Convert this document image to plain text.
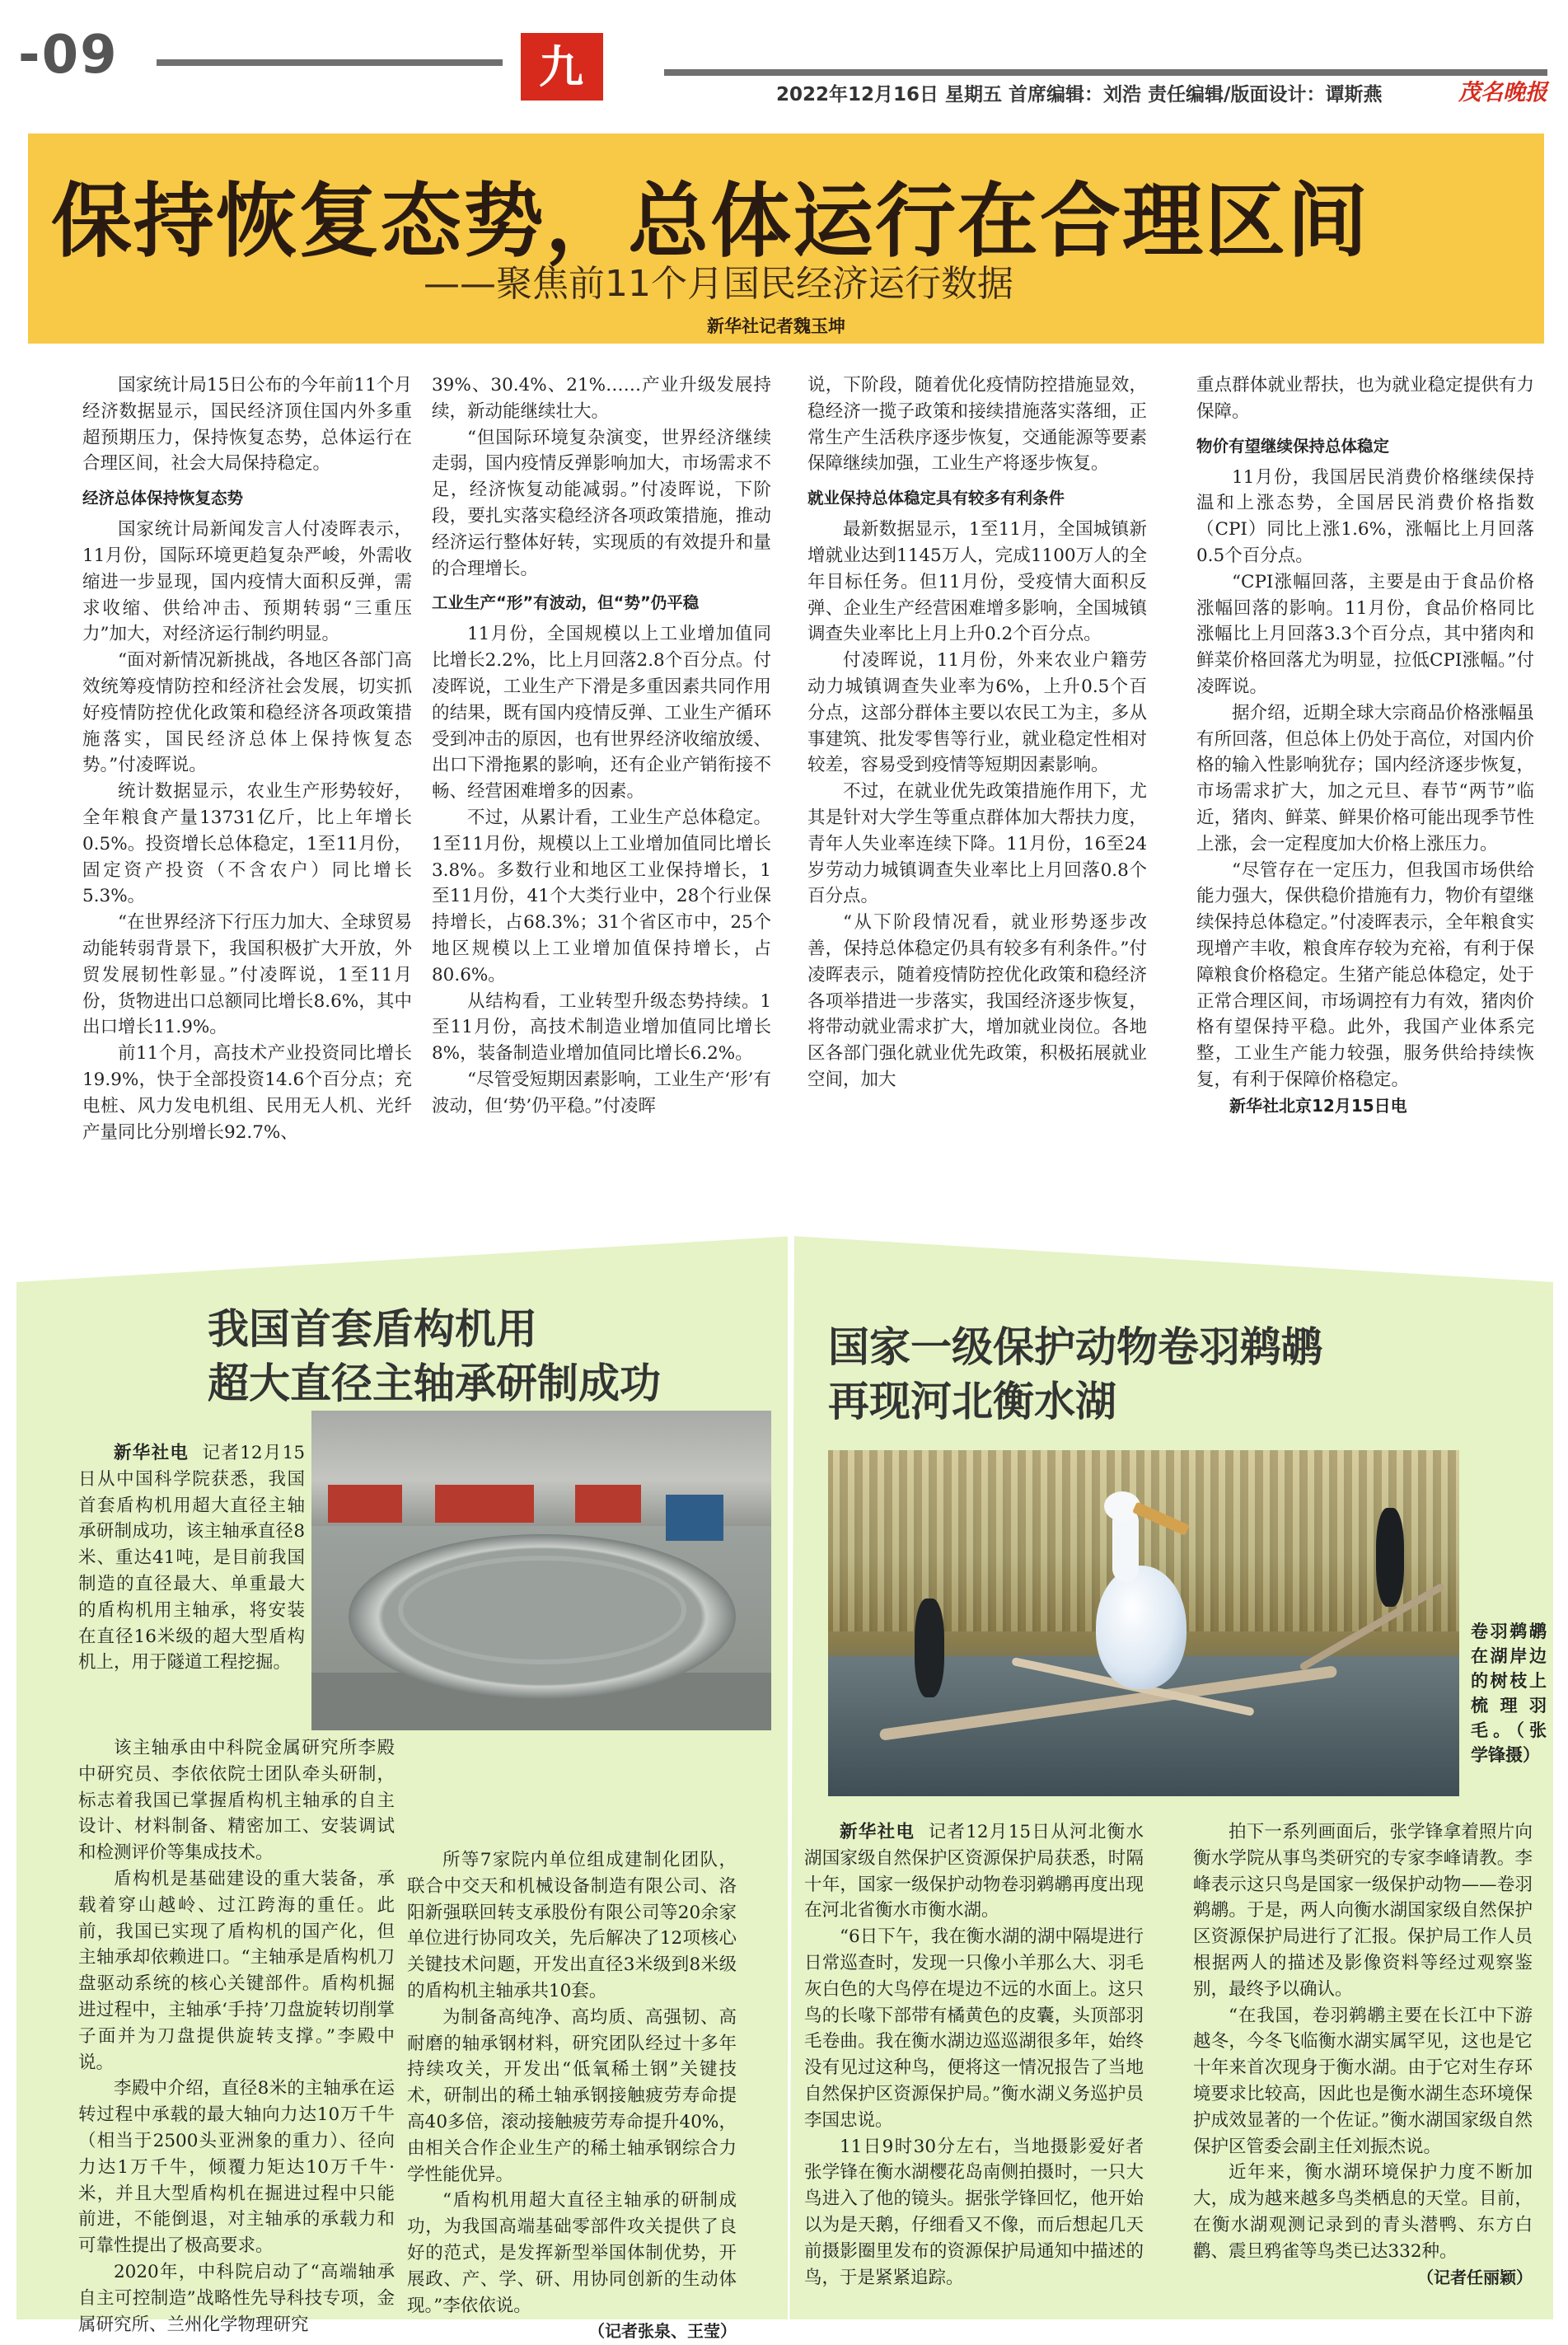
-09	九
2022年12月16日 星期五 首席编辑：刘浩 责任编辑/版面设计：谭斯燕	茂名晚报
保持恢复态势，总体运行在合理区间
——聚焦前11个月国民经济运行数据
新华社记者魏玉坤

国家统计局15日公布的今年前11个月经济数据显示，国民经济顶住国内外多重超预期压力，保持恢复态势，总体运行在合理区间，社会大局保持稳定。

经济总体保持恢复态势

国家统计局新闻发言人付凌晖表示，11月份，国际环境更趋复杂严峻，外需收缩进一步显现，国内疫情大面积反弹，需求收缩、供给冲击、预期转弱“三重压力”加大，对经济运行制约明显。

“面对新情况新挑战，各地区各部门高效统筹疫情防控和经济社会发展，切实抓好疫情防控优化政策和稳经济各项政策措施落实，国民经济总体上保持恢复态势。”付凌晖说。

统计数据显示，农业生产形势较好，全年粮食产量13731亿斤，比上年增长0.5%。投资增长总体稳定，1至11月份，固定资产投资（不含农户）同比增长5.3%。

“在世界经济下行压力加大、全球贸易动能转弱背景下，我国积极扩大开放，外贸发展韧性彰显。”付凌晖说，1至11月份，货物进出口总额同比增长8.6%，其中出口增长11.9%。

前11个月，高技术产业投资同比增长19.9%，快于全部投资14.6个百分点；充电桩、风力发电机组、民用无人机、光纤产量同比分别增长92.7%、

39%、30.4%、21%……产业升级发展持续，新动能继续壮大。

“但国际环境复杂演变，世界经济继续走弱，国内疫情反弹影响加大，市场需求不足，经济恢复动能减弱。”付凌晖说，下阶段，要扎实落实稳经济各项政策措施，推动经济运行整体好转，实现质的有效提升和量的合理增长。

工业生产“形”有波动，但“势”仍平稳

11月份，全国规模以上工业增加值同比增长2.2%，比上月回落2.8个百分点。付凌晖说，工业生产下滑是多重因素共同作用的结果，既有国内疫情反弹、工业生产循环受到冲击的原因，也有世界经济收缩放缓、出口下滑拖累的影响，还有企业产销衔接不畅、经营困难增多的因素。

不过，从累计看，工业生产总体稳定。1至11月份，规模以上工业增加值同比增长3.8%。多数行业和地区工业保持增长，1至11月份，41个大类行业中，28个行业保持增长，占68.3%；31个省区市中，25个地区规模以上工业增加值保持增长，占80.6%。

从结构看，工业转型升级态势持续。1至11月份，高技术制造业增加值同比增长8%，装备制造业增加值同比增长6.2%。

“尽管受短期因素影响，工业生产‘形’有波动，但‘势’仍平稳。”付凌晖

说，下阶段，随着优化疫情防控措施显效，稳经济一揽子政策和接续措施落实落细，正常生产生活秩序逐步恢复，交通能源等要素保障继续加强，工业生产将逐步恢复。

就业保持总体稳定具有较多有利条件

最新数据显示，1至11月，全国城镇新增就业达到1145万人，完成1100万人的全年目标任务。但11月份，受疫情大面积反弹、企业生产经营困难增多影响，全国城镇调查失业率比上月上升0.2个百分点。

付凌晖说，11月份，外来农业户籍劳动力城镇调查失业率为6%，上升0.5个百分点，这部分群体主要以农民工为主，多从事建筑、批发零售等行业，就业稳定性相对较差，容易受到疫情等短期因素影响。

不过，在就业优先政策措施作用下，尤其是针对大学生等重点群体加大帮扶力度，青年人失业率连续下降。11月份，16至24岁劳动力城镇调查失业率比上月回落0.8个百分点。

“从下阶段情况看，就业形势逐步改善，保持总体稳定仍具有较多有利条件。”付凌晖表示，随着疫情防控优化政策和稳经济各项举措进一步落实，我国经济逐步恢复，将带动就业需求扩大，增加就业岗位。各地区各部门强化就业优先政策，积极拓展就业空间，加大

重点群体就业帮扶，也为就业稳定提供有力保障。

物价有望继续保持总体稳定

11月份，我国居民消费价格继续保持温和上涨态势，全国居民消费价格指数（CPI）同比上涨1.6%，涨幅比上月回落0.5个百分点。

“CPI涨幅回落，主要是由于食品价格涨幅回落的影响。11月份，食品价格同比涨幅比上月回落3.3个百分点，其中猪肉和鲜菜价格回落尤为明显，拉低CPI涨幅。”付凌晖说。

据介绍，近期全球大宗商品价格涨幅虽有所回落，但总体上仍处于高位，对国内价格的输入性影响犹存；国内经济逐步恢复，市场需求扩大，加之元旦、春节“两节”临近，猪肉、鲜菜、鲜果价格可能出现季节性上涨，会一定程度加大价格上涨压力。

“尽管存在一定压力，但我国市场供给能力强大，保供稳价措施有力，物价有望继续保持总体稳定。”付凌晖表示，全年粮食实现增产丰收，粮食库存较为充裕，有利于保障粮食价格稳定。生猪产能总体稳定，处于正常合理区间，市场调控有力有效，猪肉价格有望保持平稳。此外，我国产业体系完整，工业生产能力较强，服务供给持续恢复，有利于保障价格稳定。

新华社北京12月15日电

我国首套盾构机用
超大直径主轴承研制成功

新华社电 记者12月15日从中国科学院获悉，我国首套盾构机用超大直径主轴承研制成功，该主轴承直径8米、重达41吨，是目前我国制造的直径最大、单重最大的盾构机用主轴承，将安装在直径16米级的超大型盾构机上，用于隧道工程挖掘。

该主轴承由中科院金属研究所李殿中研究员、李依依院士团队牵头研制，标志着我国已掌握盾构机主轴承的自主设计、材料制备、精密加工、安装调试和检测评价等集成技术。

盾构机是基础建设的重大装备，承载着穿山越岭、过江跨海的重任。此前，我国已实现了盾构机的国产化，但主轴承却依赖进口。“主轴承是盾构机刀盘驱动系统的核心关键部件。盾构机掘进过程中，主轴承‘手持’刀盘旋转切削掌子面并为刀盘提供旋转支撑。”李殿中说。

李殿中介绍，直径8米的主轴承在运转过程中承载的最大轴向力达10万千牛（相当于2500头亚洲象的重力）、径向力达1万千牛，倾覆力矩达10万千牛·米，并且大型盾构机在掘进过程中只能前进，不能倒退，对主轴承的承载力和可靠性提出了极高要求。

2020年，中科院启动了“高端轴承自主可控制造”战略性先导科技专项，金属研究所、兰州化学物理研究

所等7家院内单位组成建制化团队，联合中交天和机械设备制造有限公司、洛阳新强联回转支承股份有限公司等20余家单位进行协同攻关，先后解决了12项核心关键技术问题，开发出直径3米级到8米级的盾构机主轴承共10套。

为制备高纯净、高均质、高强韧、高耐磨的轴承钢材料，研究团队经过十多年持续攻关，开发出“低氧稀土钢”关键技术，研制出的稀土轴承钢接触疲劳寿命提高40多倍，滚动接触疲劳寿命提升40%，由相关合作企业生产的稀土轴承钢综合力学性能优异。

“盾构机用超大直径主轴承的研制成功，为我国高端基础零部件攻关提供了良好的范式，是发挥新型举国体制优势，开展政、产、学、研、用协同创新的生动体现。”李依依说。

（记者张泉、王莹）

国家一级保护动物卷羽鹈鹕
再现河北衡水湖
卷羽鹈鹕在湖岸边的树枝上梳理羽毛。（张学锋摄）

新华社电 记者12月15日从河北衡水湖国家级自然保护区资源保护局获悉，时隔十年，国家一级保护动物卷羽鹈鹕再度出现在河北省衡水市衡水湖。

“6日下午，我在衡水湖的湖中隔堤进行日常巡查时，发现一只像小羊那么大、羽毛灰白色的大鸟停在堤边不远的水面上。这只鸟的长喙下部带有橘黄色的皮囊，头顶部羽毛卷曲。我在衡水湖边巡巡湖很多年，始终没有见过这种鸟，便将这一情况报告了当地自然保护区资源保护局。”衡水湖义务巡护员李国忠说。

11日9时30分左右，当地摄影爱好者张学锋在衡水湖樱花岛南侧拍摄时，一只大鸟进入了他的镜头。据张学锋回忆，他开始以为是天鹅，仔细看又不像，而后想起几天前摄影圈里发布的资源保护局通知中描述的鸟，于是紧紧追踪。

拍下一系列画面后，张学锋拿着照片向衡水学院从事鸟类研究的专家李峰请教。李峰表示这只鸟是国家一级保护动物——卷羽鹈鹕。于是，两人向衡水湖国家级自然保护区资源保护局进行了汇报。保护局工作人员根据两人的描述及影像资料等经过观察鉴别，最终予以确认。

“在我国，卷羽鹈鹕主要在长江中下游越冬，今冬飞临衡水湖实属罕见，这也是它十年来首次现身于衡水湖。由于它对生存环境要求比较高，因此也是衡水湖生态环境保护成效显著的一个佐证。”衡水湖国家级自然保护区管委会副主任刘振杰说。

近年来，衡水湖环境保护力度不断加大，成为越来越多鸟类栖息的天堂。目前，在衡水湖观测记录到的青头潜鸭、东方白鹳、震旦鸦雀等鸟类已达332种。

（记者任丽颖）
